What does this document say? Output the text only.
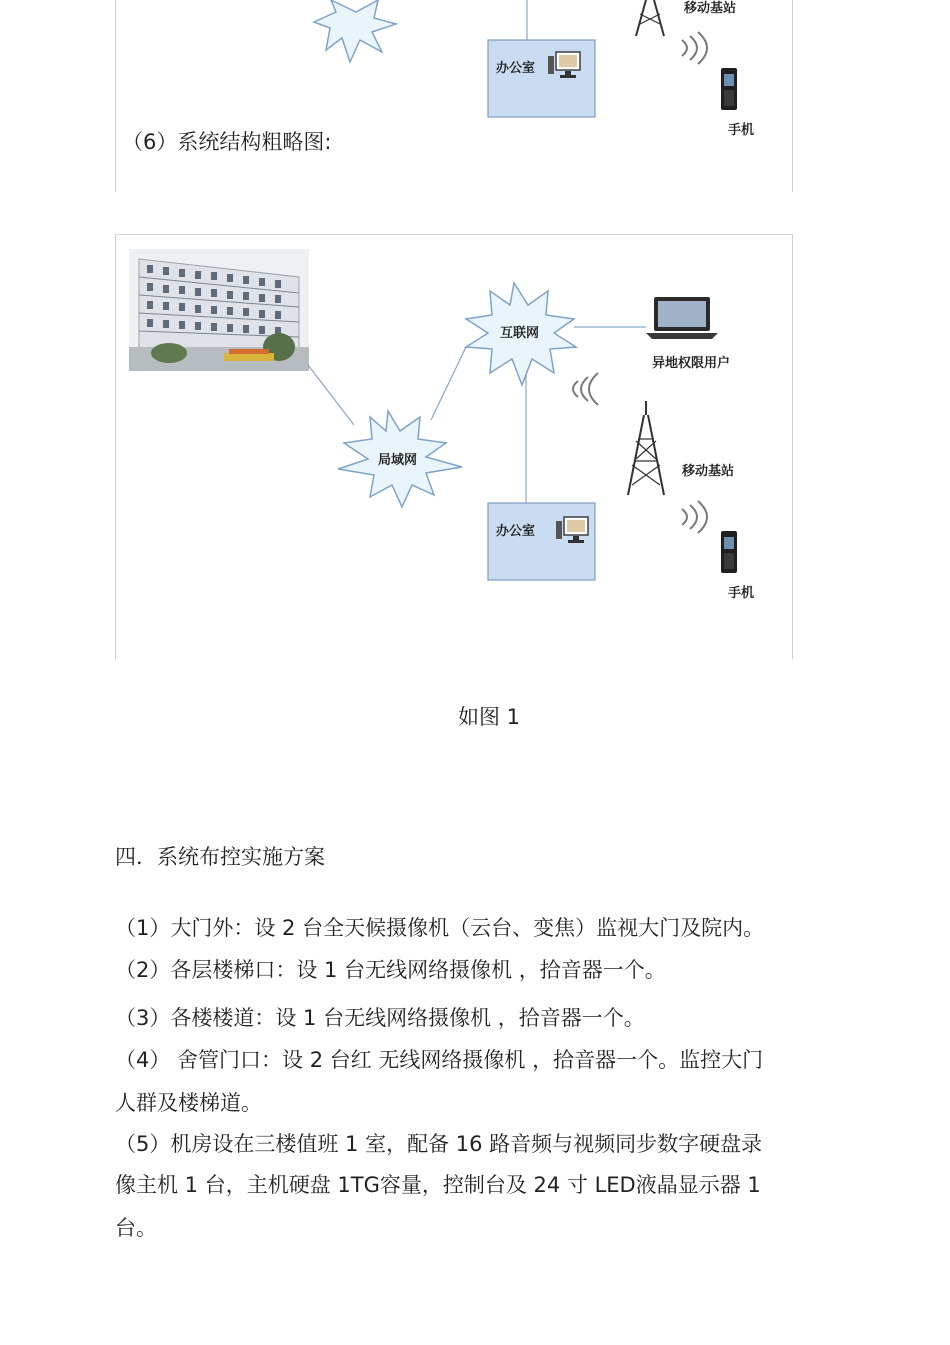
办公室
移动基站
手机
（6）系统结构粗略图:
互联网
局域网
异地权限用户
移动基站
办公室
手机
如图 1
四．系统布控实施方案
（1）大门外：设 2 台全天候摄像机（云台、变焦）监视大门及院内。
（2）各层楼梯口：设 1 台无线网络摄像机 ，拾音器一个。
（3）各楼楼道：设 1 台无线网络摄像机 ，拾音器一个。
（4） 舍管门口：设 2 台红 无线网络摄像机 ，拾音器一个。监控大门
人群及楼梯道。
（5）机房设在三楼值班 1 室，配备 16 路音频与视频同步数字硬盘录
像主机 1 台，主机硬盘 1TG容量，控制台及 24 寸 LED液晶显示器 1
台。
